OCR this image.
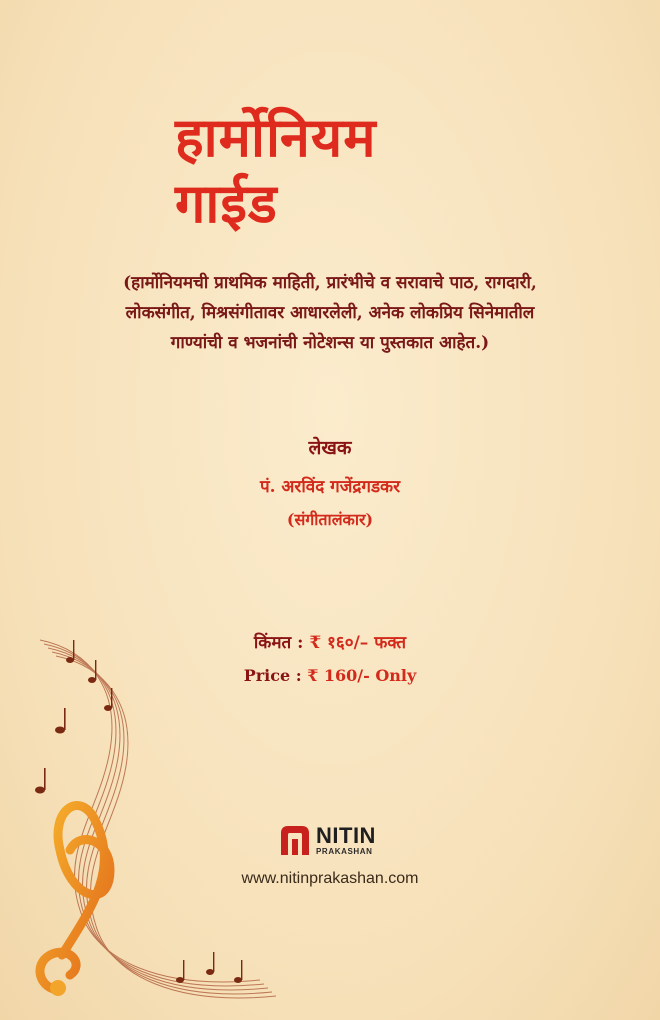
हार्मोनियम
गाईड

(हार्मोनियमची प्राथमिक माहिती, प्रारंभीचे व सरावाचे पाठ, रागदारी,
लोकसंगीत, मिश्रसंगीतावर आधारलेली, अनेक लोकप्रिय सिनेमातील
गाण्यांची व भजनांची नोटेशन्स या पुस्तकात आहेत.)

लेखक
पं. अरविंद गजेंद्रगडकर
(संगीतालंकार)
किंमत : ₹ १६०/– फक्त
Price : ₹ 160/- Only
NITIN
PRAKASHAN
www.nitinprakashan.com
